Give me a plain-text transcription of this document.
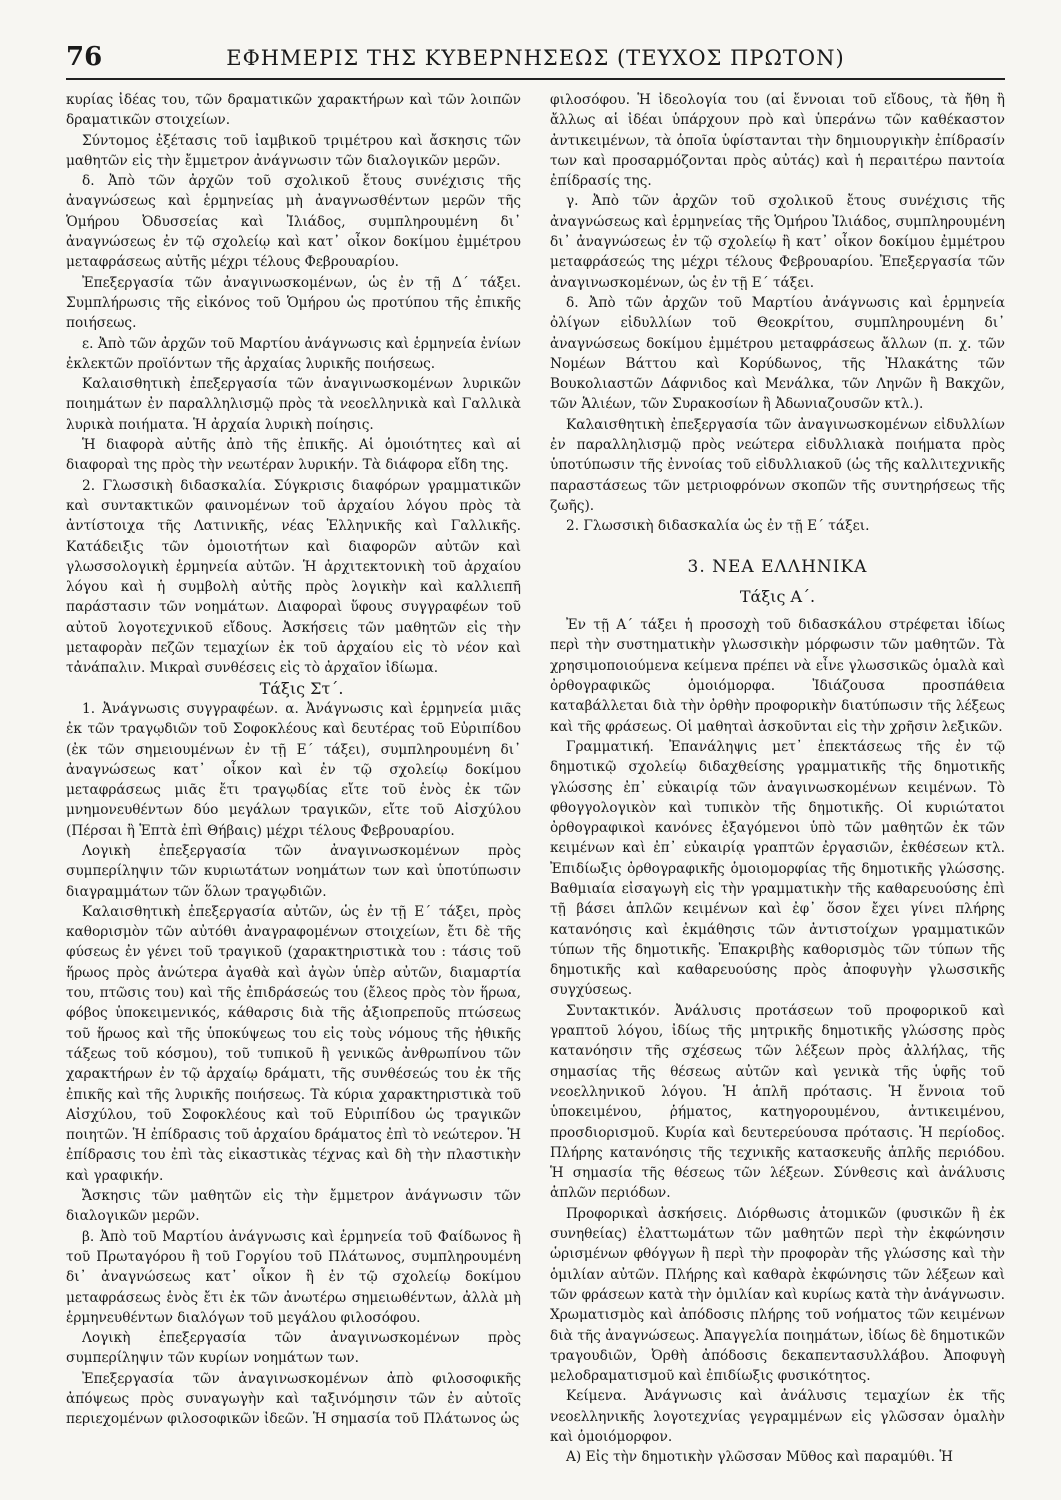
76	ΕΦΗΜΕΡΙΣ ΤΗΣ ΚΥΒΕΡΝΗΣΕΩΣ (ΤΕΥΧΟΣ ΠΡΩΤΟΝ)

κυρίας ἰδέας του, τῶν δραματικῶν χαρακτήρων καὶ τῶν λοιπῶν δραματικῶν στοιχείων.

Σύντομος ἐξέτασις τοῦ ἰαμβικοῦ τριμέτρου καὶ ἄσκησις τῶν μαθητῶν εἰς τὴν ἔμμετρον ἀνάγνωσιν τῶν διαλογικῶν μερῶν.

δ. Ἀπὸ τῶν ἀρχῶν τοῦ σχολικοῦ ἔτους συνέχισις τῆς ἀναγνώσεως καὶ ἑρμηνείας μὴ ἀναγνωσθέντων μερῶν τῆς Ὁμήρου Ὀδυσσείας καὶ Ἰλιάδος, συμπληρουμένη δι᾽ ἀναγνώσεως ἐν τῷ σχολείῳ καὶ κατ᾽ οἶκον δοκίμου ἐμμέτρου μεταφράσεως αὐτῆς μέχρι τέλους Φεβρουαρίου.

Ἐπεξεργασία τῶν ἀναγινωσκομένων, ὡς ἐν τῇ Δ´ τάξει. Συμπλήρωσις τῆς εἰκόνος τοῦ Ὁμήρου ὡς προτύπου τῆς ἐπικῆς ποιήσεως.

ε. Ἀπὸ τῶν ἀρχῶν τοῦ Μαρτίου ἀνάγνωσις καὶ ἑρμηνεία ἐνίων ἐκλεκτῶν προϊόντων τῆς ἀρχαίας λυρικῆς ποιήσεως.

Καλαισθητικὴ ἐπεξεργασία τῶν ἀναγινωσκομένων λυρικῶν ποιημάτων ἐν παραλληλισμῷ πρὸς τὰ νεοελληνικὰ καὶ Γαλλικὰ λυρικὰ ποιήματα. Ἡ ἀρχαία λυρικὴ ποίησις.

Ἡ διαφορὰ αὐτῆς ἀπὸ τῆς ἐπικῆς. Αἱ ὁμοιότητες καὶ αἱ διαφοραὶ της πρὸς τὴν νεωτέραν λυρικήν. Τὰ διάφορα εἴδη της.

2. Γλωσσικὴ διδασκαλία. Σύγκρισις διαφόρων γραμματικῶν καὶ συντακτικῶν φαινομένων τοῦ ἀρχαίου λόγου πρὸς τὰ ἀντίστοιχα τῆς Λατινικῆς, νέας Ἑλληνικῆς καὶ Γαλλικῆς. Κατάδειξις τῶν ὁμοιοτήτων καὶ διαφορῶν αὐτῶν καὶ γλωσσολογικὴ ἑρμηνεία αὐτῶν. Ἡ ἀρχιτεκτονικὴ τοῦ ἀρχαίου λόγου καὶ ἡ συμβολὴ αὐτῆς πρὸς λογικὴν καὶ καλλιεπῆ παράστασιν τῶν νοημάτων. Διαφοραὶ ὕφους συγγραφέων τοῦ αὐτοῦ λογοτεχνικοῦ εἴδους. Ἀσκήσεις τῶν μαθητῶν εἰς τὴν μεταφορὰν πεζῶν τεμαχίων ἐκ τοῦ ἀρχαίου εἰς τὸ νέον καὶ τἀνάπαλιν. Μικραὶ συνθέσεις εἰς τὸ ἀρχαῖον ἰδίωμα.

Τάξις Στ´.

1. Ἀνάγνωσις συγγραφέων. α. Ἀνάγνωσις καὶ ἑρμηνεία μιᾶς ἐκ τῶν τραγῳδιῶν τοῦ Σοφοκλέους καὶ δευτέρας τοῦ Εὐριπίδου (ἐκ τῶν σημειουμένων ἐν τῇ Ε´ τάξει), συμπληρουμένη δι᾽ ἀναγνώσεως κατ᾽ οἶκον καὶ ἐν τῷ σχολείῳ δοκίμου μεταφράσεως μιᾶς ἔτι τραγῳδίας εἴτε τοῦ ἑνὸς ἐκ τῶν μνημονευθέντων δύο μεγάλων τραγικῶν, εἴτε τοῦ Αἰσχύλου (Πέρσαι ἢ Ἑπτὰ ἐπὶ Θήβαις) μέχρι τέλους Φεβρουαρίου.

Λογικὴ ἐπεξεργασία τῶν ἀναγινωσκομένων πρὸς συμπερίληψιν τῶν κυριωτάτων νοημάτων των καὶ ὑποτύπωσιν διαγραμμάτων τῶν ὅλων τραγῳδιῶν.

Καλαισθητικὴ ἐπεξεργασία αὐτῶν, ὡς ἐν τῇ Ε´ τάξει, πρὸς καθορισμὸν τῶν αὐτόθι ἀναγραφομένων στοιχείων, ἔτι δὲ τῆς φύσεως ἐν γένει τοῦ τραγικοῦ (χαρακτηριστικὰ του : τάσις τοῦ ἥρωος πρὸς ἀνώτερα ἀγαθὰ καὶ ἀγὼν ὑπὲρ αὐτῶν, διαμαρτία του, πτῶσις του) καὶ τῆς ἐπιδράσεώς του (ἔλεος πρὸς τὸν ἥρωα, φόβος ὑποκειμενικός, κάθαρσις διὰ τῆς ἀξιοπρεποῦς πτώσεως τοῦ ἥρωος καὶ τῆς ὑποκύψεως του εἰς τοὺς νόμους τῆς ἠθικῆς τάξεως τοῦ κόσμου), τοῦ τυπικοῦ ἢ γενικῶς ἀνθρωπίνου τῶν χαρακτήρων ἐν τῷ ἀρχαίῳ δράματι, τῆς συνθέσεώς του ἐκ τῆς ἐπικῆς καὶ τῆς λυρικῆς ποιήσεως. Τὰ κύρια χαρακτηριστικὰ τοῦ Αἰσχύλου, τοῦ Σοφοκλέους καὶ τοῦ Εὐριπίδου ὡς τραγικῶν ποιητῶν. Ἡ ἐπίδρασις τοῦ ἀρχαίου δράματος ἐπὶ τὸ νεώτερον. Ἡ ἐπίδρασις του ἐπὶ τὰς εἰκαστικὰς τέχνας καὶ δὴ τὴν πλαστικὴν καὶ γραφικήν.

Ἄσκησις τῶν μαθητῶν εἰς τὴν ἔμμετρον ἀνάγνωσιν τῶν διαλογικῶν μερῶν.

β. Ἀπὸ τοῦ Μαρτίου ἀνάγνωσις καὶ ἑρμηνεία τοῦ Φαίδωνος ἢ τοῦ Πρωταγόρου ἢ τοῦ Γοργίου τοῦ Πλάτωνος, συμπληρουμένη δι᾽ ἀναγνώσεως κατ᾽ οἶκον ἢ ἐν τῷ σχολείῳ δοκίμου μεταφράσεως ἑνὸς ἔτι ἐκ τῶν ἀνωτέρω σημειωθέντων, ἀλλὰ μὴ ἑρμηνευθέντων διαλόγων τοῦ μεγάλου φιλοσόφου.

Λογικὴ ἐπεξεργασία τῶν ἀναγινωσκομένων πρὸς συμπερίληψιν τῶν κυρίων νοημάτων των.

Ἐπεξεργασία τῶν ἀναγινωσκομένων ἀπὸ φιλοσοφικῆς ἀπόψεως πρὸς συναγωγὴν καὶ ταξινόμησιν τῶν ἐν αὐτοῖς περιεχομένων φιλοσοφικῶν ἰδεῶν. Ἡ σημασία τοῦ Πλάτωνος ὡς

φιλοσόφου. Ἡ ἰδεολογία του (αἱ ἔννοιαι τοῦ εἴδους, τὰ ἤθη ἢ ἄλλως αἱ ἰδέαι ὑπάρχουν πρὸ καὶ ὑπεράνω τῶν καθέκαστον ἀντικειμένων, τὰ ὁποῖα ὑφίστανται τὴν δημιουργικὴν ἐπίδρασίν των καὶ προσαρμόζονται πρὸς αὐτάς) καὶ ἡ περαιτέρω παντοία ἐπίδρασίς της.

γ. Ἀπὸ τῶν ἀρχῶν τοῦ σχολικοῦ ἔτους συνέχισις τῆς ἀναγνώσεως καὶ ἑρμηνείας τῆς Ὁμήρου Ἰλιάδος, συμπληρουμένη δι᾽ ἀναγνώσεως ἐν τῷ σχολείῳ ἢ κατ᾽ οἶκον δοκίμου ἐμμέτρου μεταφράσεώς της μέχρι τέλους Φεβρουαρίου. Ἐπεξεργασία τῶν ἀναγινωσκομένων, ὡς ἐν τῇ Ε´ τάξει.

δ. Ἀπὸ τῶν ἀρχῶν τοῦ Μαρτίου ἀνάγνωσις καὶ ἑρμηνεία ὀλίγων εἰδυλλίων τοῦ Θεοκρίτου, συμπληρουμένη δι᾽ ἀναγνώσεως δοκίμου ἐμμέτρου μεταφράσεως ἄλλων (π. χ. τῶν Νομέων Βάττου καὶ Κορύδωνος, τῆς Ἠλακάτης τῶν Βουκολιαστῶν Δάφνιδος καὶ Μενάλκα, τῶν Ληνῶν ἢ Βακχῶν, τῶν Ἁλιέων, τῶν Συρακοσίων ἢ Ἀδωνιαζουσῶν κτλ.).

Καλαισθητικὴ ἐπεξεργασία τῶν ἀναγινωσκομένων εἰδυλλίων ἐν παραλληλισμῷ πρὸς νεώτερα εἰδυλλιακὰ ποιήματα πρὸς ὑποτύπωσιν τῆς ἐννοίας τοῦ εἰδυλλιακοῦ (ὡς τῆς καλλιτεχνικῆς παραστάσεως τῶν μετριοφρόνων σκοπῶν τῆς συντηρήσεως τῆς ζωῆς).

2. Γλωσσικὴ διδασκαλία ὡς ἐν τῇ Ε´ τάξει.

3. ΝΕΑ ΕΛΛΗΝΙΚΑ
Τάξις Α´.

Ἐν τῇ Α´ τάξει ἡ προσοχὴ τοῦ διδασκάλου στρέφεται ἰδίως περὶ τὴν συστηματικὴν γλωσσικὴν μόρφωσιν τῶν μαθητῶν. Τὰ χρησιμοποιούμενα κείμενα πρέπει νὰ εἶνε γλωσσικῶς ὁμαλὰ καὶ ὀρθογραφικῶς ὁμοιόμορφα. Ἰδιάζουσα προσπάθεια καταβάλλεται διὰ τὴν ὀρθὴν προφορικὴν διατύπωσιν τῆς λέξεως καὶ τῆς φράσεως. Οἱ μαθηταὶ ἀσκοῦνται εἰς τὴν χρῆσιν λεξικῶν.

Γραμματική. Ἐπανάληψις μετ᾽ ἐπεκτάσεως τῆς ἐν τῷ δημοτικῷ σχολείῳ διδαχθείσης γραμματικῆς τῆς δημοτικῆς γλώσσης ἐπ᾽ εὐκαιρίᾳ τῶν ἀναγινωσκομένων κειμένων. Τὸ φθογγολογικὸν καὶ τυπικὸν τῆς δημοτικῆς. Οἱ κυριώτατοι ὀρθογραφικοὶ κανόνες ἐξαγόμενοι ὑπὸ τῶν μαθητῶν ἐκ τῶν κειμένων καὶ ἐπ᾽ εὐκαιρίᾳ γραπτῶν ἐργασιῶν, ἐκθέσεων κτλ. Ἐπιδίωξις ὀρθογραφικῆς ὁμοιομορφίας τῆς δημοτικῆς γλώσσης. Βαθμιαία εἰσαγωγὴ εἰς τὴν γραμματικὴν τῆς καθαρευούσης ἐπὶ τῇ βάσει ἁπλῶν κειμένων καὶ ἐφ᾽ ὅσον ἔχει γίνει πλήρης κατανόησις καὶ ἐκμάθησις τῶν ἀντιστοίχων γραμματικῶν τύπων τῆς δημοτικῆς. Ἐπακριβὴς καθορισμὸς τῶν τύπων τῆς δημοτικῆς καὶ καθαρευούσης πρὸς ἀποφυγὴν γλωσσικῆς συγχύσεως.

Συντακτικόν. Ἀνάλυσις προτάσεων τοῦ προφορικοῦ καὶ γραπτοῦ λόγου, ἰδίως τῆς μητρικῆς δημοτικῆς γλώσσης πρὸς κατανόησιν τῆς σχέσεως τῶν λέξεων πρὸς ἀλλήλας, τῆς σημασίας τῆς θέσεως αὐτῶν καὶ γενικὰ τῆς ὑφῆς τοῦ νεοελληνικοῦ λόγου. Ἡ ἁπλῆ πρότασις. Ἡ ἔννοια τοῦ ὑποκειμένου, ῥήματος, κατηγορουμένου, ἀντικειμένου, προσδιορισμοῦ. Κυρία καὶ δευτερεύουσα πρότασις. Ἡ περίοδος. Πλήρης κατανόησις τῆς τεχνικῆς κατασκευῆς ἁπλῆς περιόδου. Ἡ σημασία τῆς θέσεως τῶν λέξεων. Σύνθεσις καὶ ἀνάλυσις ἁπλῶν περιόδων.

Προφορικαὶ ἀσκήσεις. Διόρθωσις ἀτομικῶν (φυσικῶν ἢ ἐκ συνηθείας) ἐλαττωμάτων τῶν μαθητῶν περὶ τὴν ἐκφώνησιν ὡρισμένων φθόγγων ἢ περὶ τὴν προφορὰν τῆς γλώσσης καὶ τὴν ὁμιλίαν αὐτῶν. Πλήρης καὶ καθαρὰ ἐκφώνησις τῶν λέξεων καὶ τῶν φράσεων κατὰ τὴν ὁμιλίαν καὶ κυρίως κατὰ τὴν ἀνάγνωσιν. Χρωματισμὸς καὶ ἀπόδοσις πλήρης τοῦ νοήματος τῶν κειμένων διὰ τῆς ἀναγνώσεως. Ἀπαγγελία ποιημάτων, ἰδίως δὲ δημοτικῶν τραγουδιῶν, Ὀρθὴ ἀπόδοσις δεκαπεντασυλλάβου. Ἀποφυγὴ μελοδραματισμοῦ καὶ ἐπιδίωξις φυσικότητος.

Κείμενα. Ἀνάγνωσις καὶ ἀνάλυσις τεμαχίων ἐκ τῆς νεοελληνικῆς λογοτεχνίας γεγραμμένων εἰς γλῶσσαν ὁμαλὴν καὶ ὁμοιόμορφον.

Α) Εἰς τὴν δημοτικὴν γλῶσσαν Μῦθος καὶ παραμύθι. Ἡ
